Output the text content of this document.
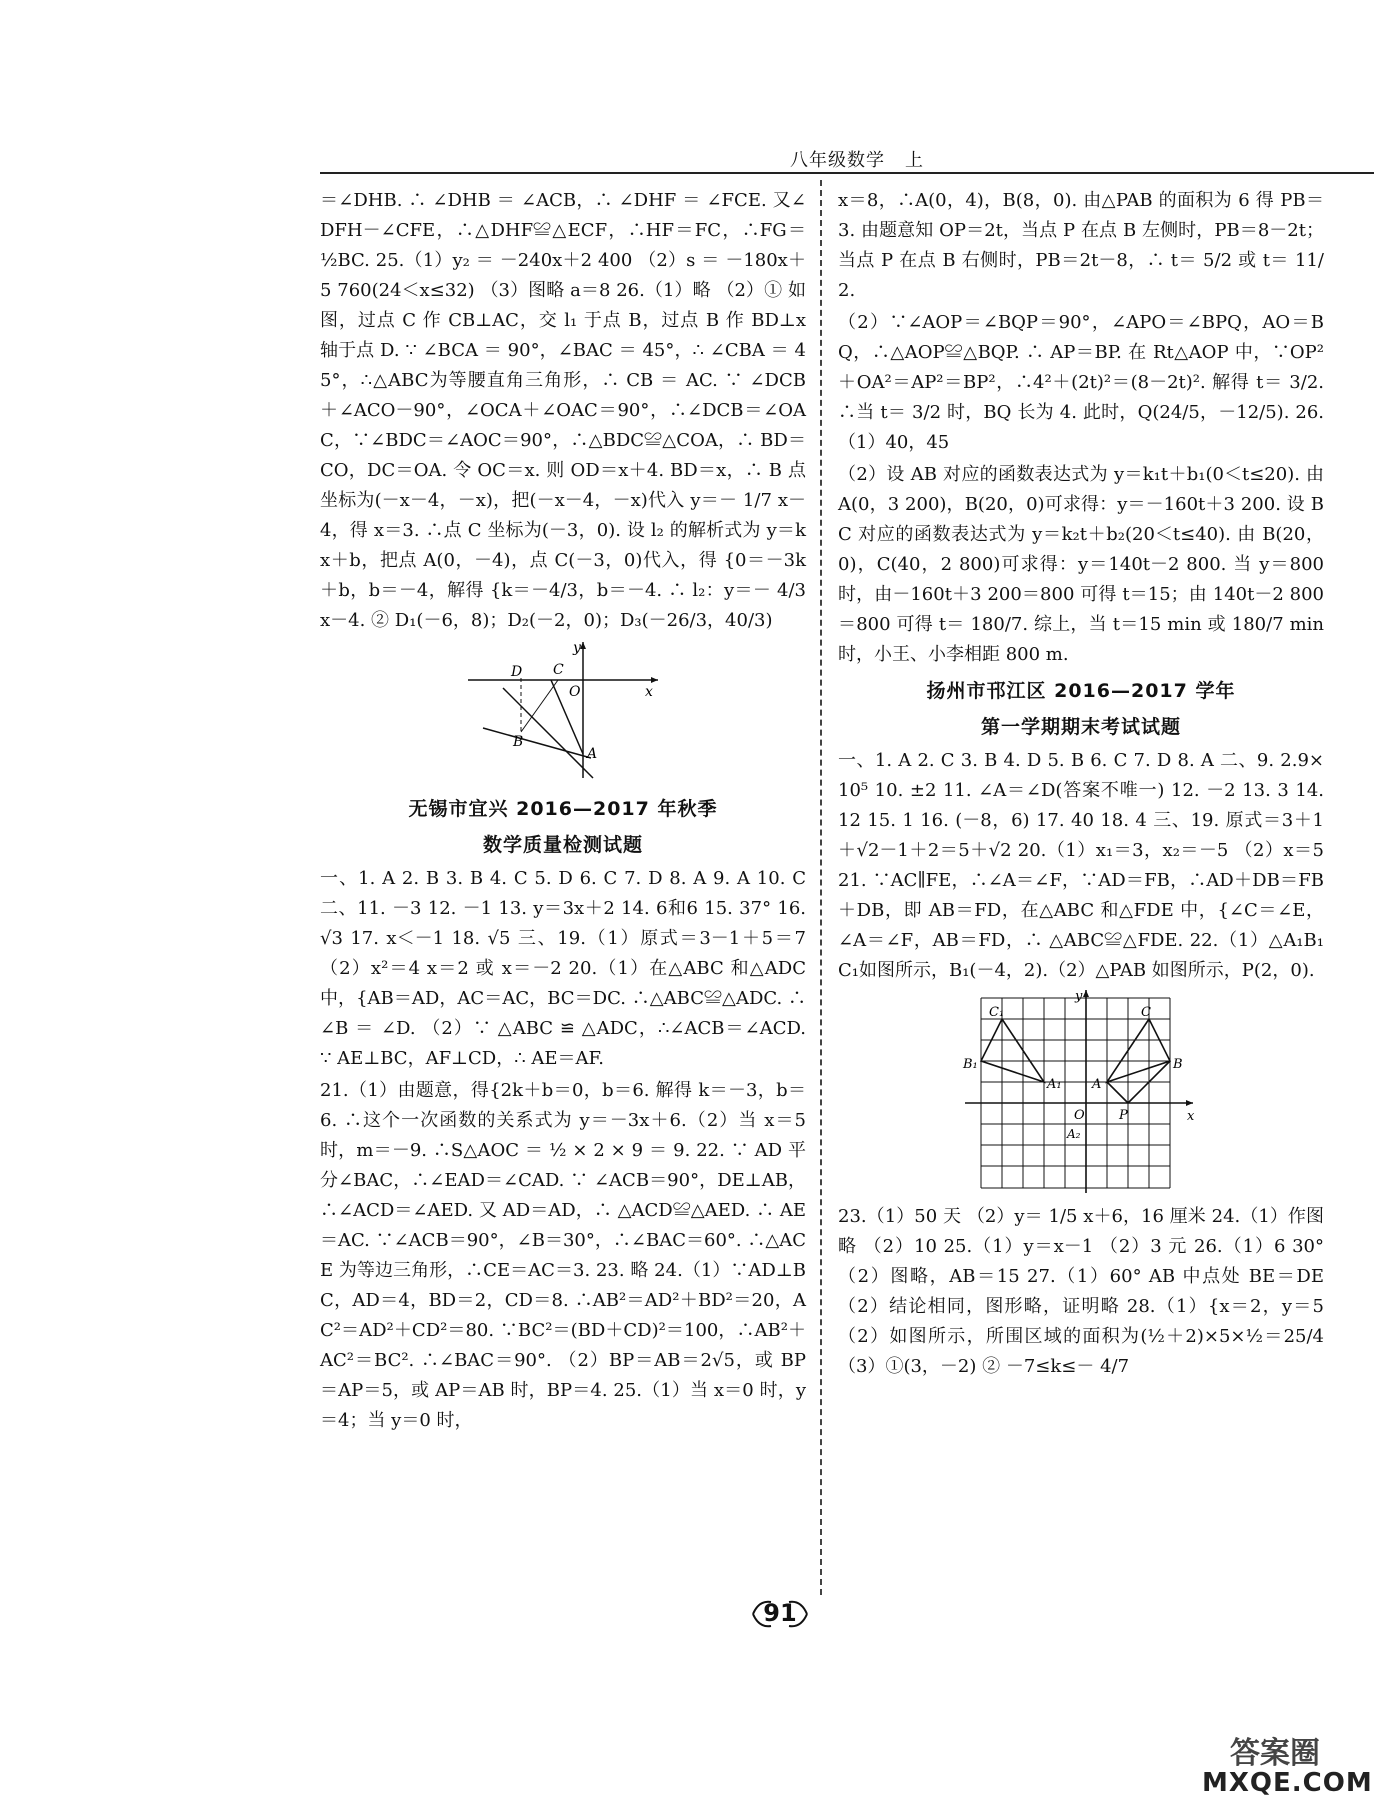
八年级数学 上

＝∠DHB. ∴ ∠DHB ＝ ∠ACB，∴ ∠DHF ＝ ∠FCE. 又∠DFH－∠CFE，∴△DHF≌△ECF，∴HF＝FC，∴FG＝ ½BC. 25.（1）y₂ ＝ －240x＋2 400 （2）s ＝ －180x＋5 760(24＜x≤32) （3）图略 a＝8 26.（1）略 （2）① 如图，过点 C 作 CB⊥AC，交 l₁ 于点 B，过点 B 作 BD⊥x 轴于点 D. ∵ ∠BCA ＝ 90°，∠BAC ＝ 45°，∴ ∠CBA ＝ 45°，∴△ABC为等腰直角三角形，∴ CB ＝ AC. ∵ ∠DCB ＋∠ACO－90°，∠OCA＋∠OAC＝90°，∴∠DCB＝∠OAC，∵∠BDC＝∠AOC＝90°，∴△BDC≌△COA，∴ BD＝CO，DC＝OA. 令 OC＝x. 则 OD＝x＋4. BD＝x，∴ B 点坐标为(－x－4，－x)，把(－x－4，－x)代入 y＝－ 1/7 x－4，得 x＝3. ∴点 C 坐标为(－3，0). 设 l₂ 的解析式为 y＝kx＋b，把点 A(0，－4)，点 C(－3，0)代入，得 {0＝－3k＋b，b＝－4，解得 {k＝－4/3，b＝－4. ∴ l₂：y＝－ 4/3 x－4. ② D₁(－6，8)；D₂(－2，0)；D₃(－26/3，40/3)

y
x
D C
O
B
A
无锡市宜兴 2016—2017 年秋季
数学质量检测试题

一、1. A 2. B 3. B 4. C 5. D 6. C 7. D 8. A 9. A 10. C 二、11. －3 12. －1 13. y＝3x＋2 14. 6和6 15. 37° 16. √3 17. x＜－1 18. √5 三、19.（1）原式＝3－1＋5＝7 （2）x²＝4 x＝2 或 x＝－2 20.（1）在△ABC 和△ADC 中，{AB＝AD，AC＝AC，BC＝DC. ∴△ABC≌△ADC. ∴ ∠B ＝ ∠D. （2）∵ △ABC ≌ △ADC，∴∠ACB＝∠ACD. ∵ AE⊥BC，AF⊥CD，∴ AE＝AF.

21.（1）由题意，得{2k＋b＝0，b＝6. 解得 k＝－3，b＝6. ∴这个一次函数的关系式为 y＝－3x＋6.（2）当 x＝5 时，m＝－9. ∴S△AOC ＝ ½ × 2 × 9 ＝ 9. 22. ∵ AD 平分∠BAC，∴∠EAD＝∠CAD. ∵ ∠ACB＝90°，DE⊥AB，∴∠ACD＝∠AED. 又 AD＝AD，∴ △ACD≌△AED. ∴ AE＝AC. ∵∠ACB＝90°，∠B＝30°，∴∠BAC＝60°. ∴△ACE 为等边三角形，∴CE＝AC＝3. 23. 略 24.（1）∵AD⊥BC，AD＝4，BD＝2，CD＝8. ∴AB²＝AD²＋BD²＝20，AC²＝AD²＋CD²＝80. ∵BC²＝(BD＋CD)²＝100，∴AB²＋AC²＝BC². ∴∠BAC＝90°. （2）BP＝AB＝2√5，或 BP＝AP＝5，或 AP＝AB 时，BP＝4. 25.（1）当 x＝0 时，y＝4；当 y＝0 时，

x＝8，∴A(0，4)，B(8，0). 由△PAB 的面积为 6 得 PB＝3. 由题意知 OP＝2t，当点 P 在点 B 左侧时，PB＝8－2t；当点 P 在点 B 右侧时，PB＝2t－8，∴ t＝ 5/2 或 t＝ 11/2.

（2）∵∠AOP＝∠BQP＝90°，∠APO＝∠BPQ，AO＝BQ，∴△AOP≌△BQP. ∴ AP＝BP. 在 Rt△AOP 中，∵OP²＋OA²＝AP²＝BP²，∴4²＋(2t)²＝(8－2t)². 解得 t＝ 3/2. ∴当 t＝ 3/2 时，BQ 长为 4. 此时，Q(24/5，－12/5). 26.（1）40，45

（2）设 AB 对应的函数表达式为 y＝k₁t＋b₁(0＜t≤20). 由 A(0，3 200)，B(20，0)可求得：y＝－160t＋3 200. 设 BC 对应的函数表达式为 y＝k₂t＋b₂(20＜t≤40). 由 B(20，0)，C(40，2 800)可求得：y＝140t－2 800. 当 y＝800 时，由－160t＋3 200＝800 可得 t＝15；由 140t－2 800＝800 可得 t＝ 180/7. 综上，当 t＝15 min 或 180/7 min 时，小王、小李相距 800 m.

扬州市邗江区 2016—2017 学年
第一学期期末考试试题

一、1. A 2. C 3. B 4. D 5. B 6. C 7. D 8. A 二、9. 2.9×10⁵ 10. ±2 11. ∠A＝∠D(答案不唯一) 12. －2 13. 3 14. 12 15. 1 16. (－8，6) 17. 40 18. 4 三、19. 原式＝3＋1＋√2－1＋2＝5＋√2 20.（1）x₁＝3，x₂＝－5 （2）x＝5 21. ∵AC∥FE，∴∠A＝∠F，∵AD＝FB，∴AD＋DB＝FB＋DB，即 AB＝FD，在△ABC 和△FDE 中，{∠C＝∠E，∠A＝∠F，AB＝FD，∴ △ABC≌△FDE. 22.（1）△A₁B₁C₁如图所示，B₁(－4，2).（2）△PAB 如图所示，P(2，0).

y
x
O
C₁	C
B₁	B
A₁ A
P
A₂

23.（1）50 天 （2）y＝ 1/5 x＋6，16 厘米 24.（1）作图略 （2）10 25.（1）y＝x－1 （2）3 元 26.（1）6 30° （2）图略，AB＝15 27.（1）60° AB 中点处 BE＝DE （2）结论相同，图形略，证明略 28.（1）{x＝2，y＝5 （2）如图所示，所围区域的面积为(½＋2)×5×½＝25/4 （3）①(3，－2) ② －7≤k≤－ 4/7

91
答案圈
MXQE.COM
